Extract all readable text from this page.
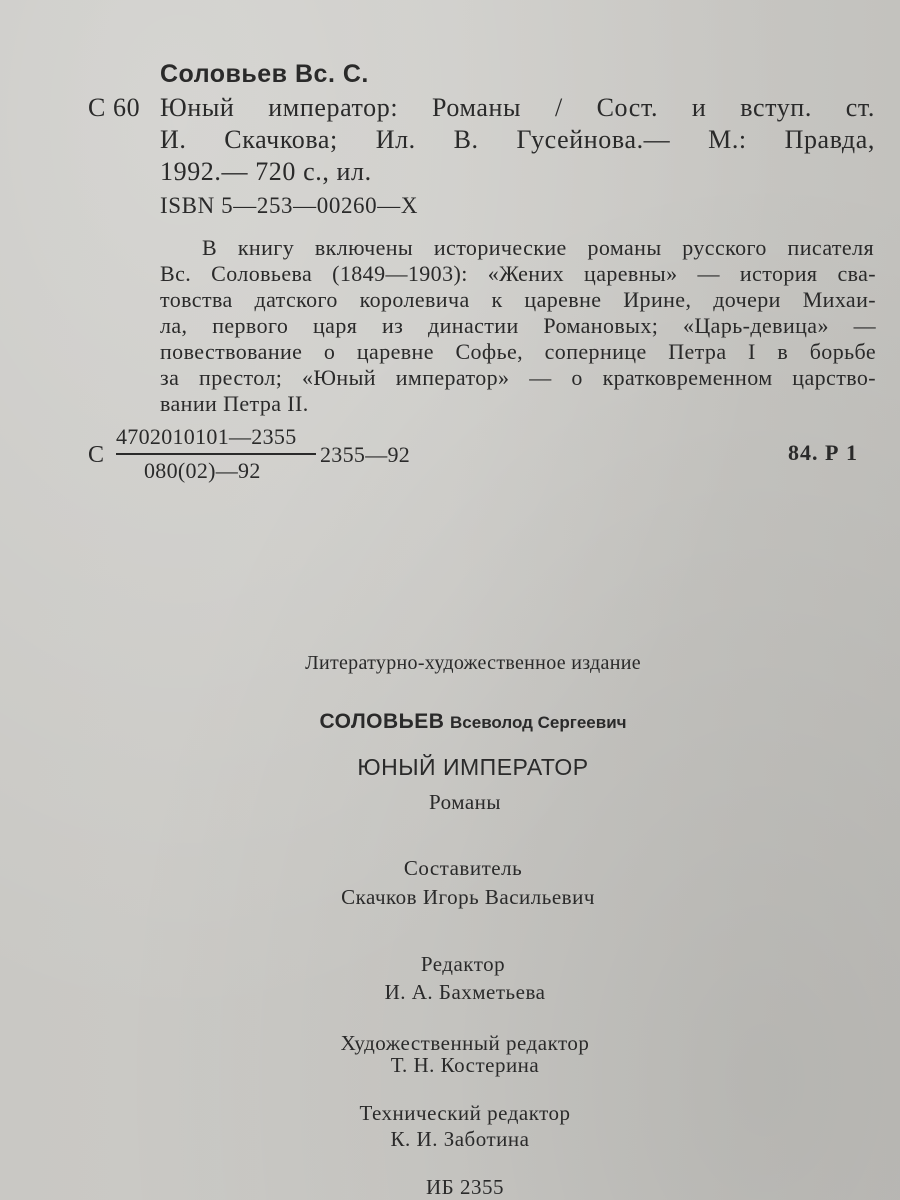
Соловьев Вс. С.
С 60 Юный император: Романы / Сост. и вступ. ст.
И. Скачкова; Ил. В. Гусейнова.— М.: Правда,
1992.— 720 с., ил.
ISBN 5—253—00260—X
В книгу включены исторические романы русского писателя
Вс. Соловьева (1849—1903): «Жених царевны» — история сва-
товства датского королевича к царевне Ирине, дочери Михаи-
ла, первого царя из династии Романовых; «Царь-девица» —
повествование о царевне Софье, сопернице Петра I в борьбе
за престол; «Юный император» — о кратковременном царство-
вании Петра II.
С
4702010101—2355
080(02)—92
2355—92	84. Р 1
Литературно-художественное издание
СОЛОВЬЕВ Всеволод Сергеевич
ЮНЫЙ ИМПЕРАТОР
Романы
Составитель
Скачков Игорь Васильевич
Редактор
И. А. Бахметьева
Художественный редактор
Т. Н. Костерина
Технический редактор
К. И. Заботина
ИБ 2355
